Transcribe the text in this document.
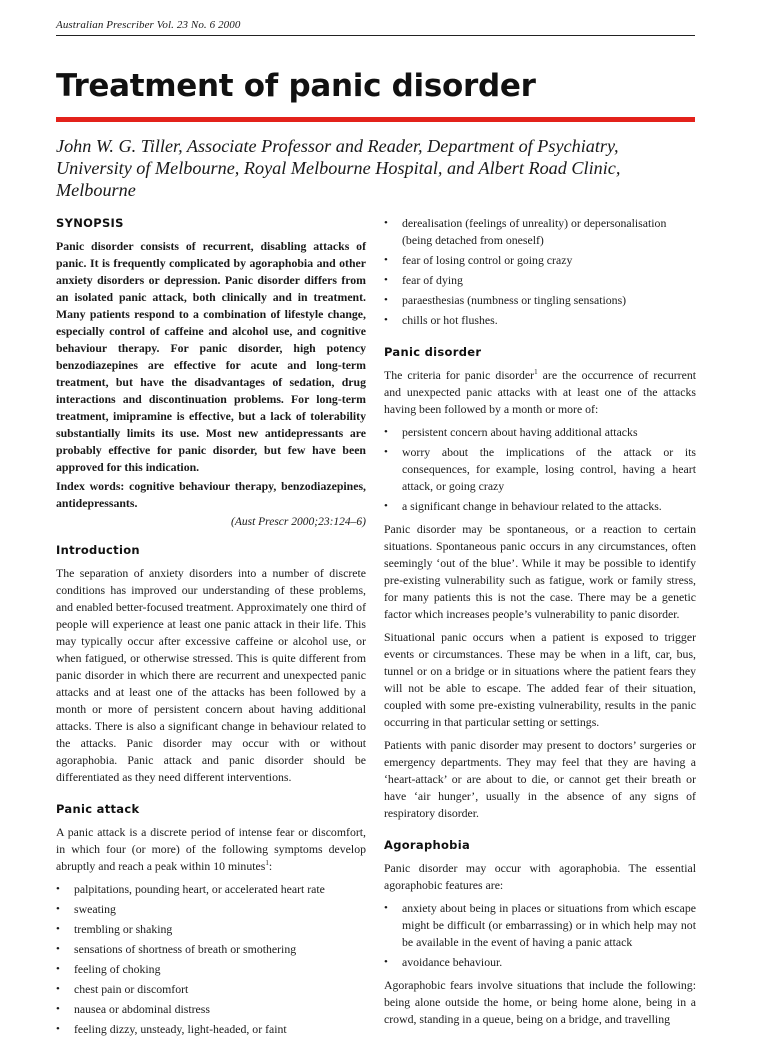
Australian Prescriber Vol. 23 No. 6 2000
Treatment of panic disorder
John W. G. Tiller, Associate Professor and Reader, Department of Psychiatry, University of Melbourne, Royal Melbourne Hospital, and Albert Road Clinic, Melbourne
SYNOPSIS

Panic disorder consists of recurrent, disabling attacks of panic. It is frequently complicated by agoraphobia and other anxiety disorders or depression. Panic disorder differs from an isolated panic attack, both clinically and in treatment. Many patients respond to a combination of lifestyle change, especially control of caffeine and alcohol use, and cognitive behaviour therapy. For panic disorder, high potency benzodiazepines are effective for acute and long-term treatment, but have the disadvantages of sedation, drug interactions and discontinuation problems. For long-term treatment, imipramine is effective, but a lack of tolerability substantially limits its use. Most new antidepressants are probably effective for panic disorder, but few have been approved for this indication.

Index words: cognitive behaviour therapy, benzodiazepines, antidepressants.

(Aust Prescr 2000;23:124–6)

Introduction

The separation of anxiety disorders into a number of discrete conditions has improved our understanding of these problems, and enabled better-focused treatment. Approximately one third of people will experience at least one panic attack in their life. This may typically occur after excessive caffeine or alcohol use, or when fatigued, or otherwise stressed. This is quite different from panic disorder in which there are recurrent and unexpected panic attacks and at least one of the attacks has been followed by a month or more of persistent concern about having additional attacks. There is also a significant change in behaviour related to the attacks. Panic disorder may occur with or without agoraphobia. Panic attack and panic disorder should be differentiated as they need different interventions.

Panic attack

A panic attack is a discrete period of intense fear or discomfort, in which four (or more) of the following symptoms develop abruptly and reach a peak within 10 minutes$^1$:

• palpitations, pounding heart, or accelerated heart rate
• sweating
• trembling or shaking
• sensations of shortness of breath or smothering
• feeling of choking
• chest pain or discomfort
• nausea or abdominal distress
• feeling dizzy, unsteady, light-headed, or faint
• derealisation (feelings of unreality) or depersonalisation (being detached from oneself)
• fear of losing control or going crazy
• fear of dying
• paraesthesias (numbness or tingling sensations)
• chills or hot flushes.
Panic disorder

The criteria for panic disorder$^1$ are the occurrence of recurrent and unexpected panic attacks with at least one of the attacks having been followed by a month or more of:

• persistent concern about having additional attacks
• worry about the implications of the attack or its consequences, for example, losing control, having a heart attack, or going crazy
• a significant change in behaviour related to the attacks.

Panic disorder may be spontaneous, or a reaction to certain situations. Spontaneous panic occurs in any circumstances, often seemingly ‘out of the blue’. While it may be possible to identify pre-existing vulnerability such as fatigue, work or family stress, for many patients this is not the case. There may be a genetic factor which increases people’s vulnerability to panic disorder.

Situational panic occurs when a patient is exposed to trigger events or circumstances. These may be when in a lift, car, bus, tunnel or on a bridge or in situations where the patient fears they will not be able to escape. The added fear of their situation, coupled with some pre-existing vulnerability, results in the panic occurring in that particular setting or settings.

Patients with panic disorder may present to doctors’ surgeries or emergency departments. They may feel that they are having a ‘heart-attack’ or are about to die, or cannot get their breath or have ‘air hunger’, usually in the absence of any signs of respiratory disorder.

Agoraphobia

Panic disorder may occur with agoraphobia. The essential agoraphobic features are:

• anxiety about being in places or situations from which escape might be difficult (or embarrassing) or in which help may not be available in the event of having a panic attack
• avoidance behaviour.

Agoraphobic fears involve situations that include the following: being alone outside the home, or being home alone, being in a crowd, standing in a queue, being on a bridge, and travelling
